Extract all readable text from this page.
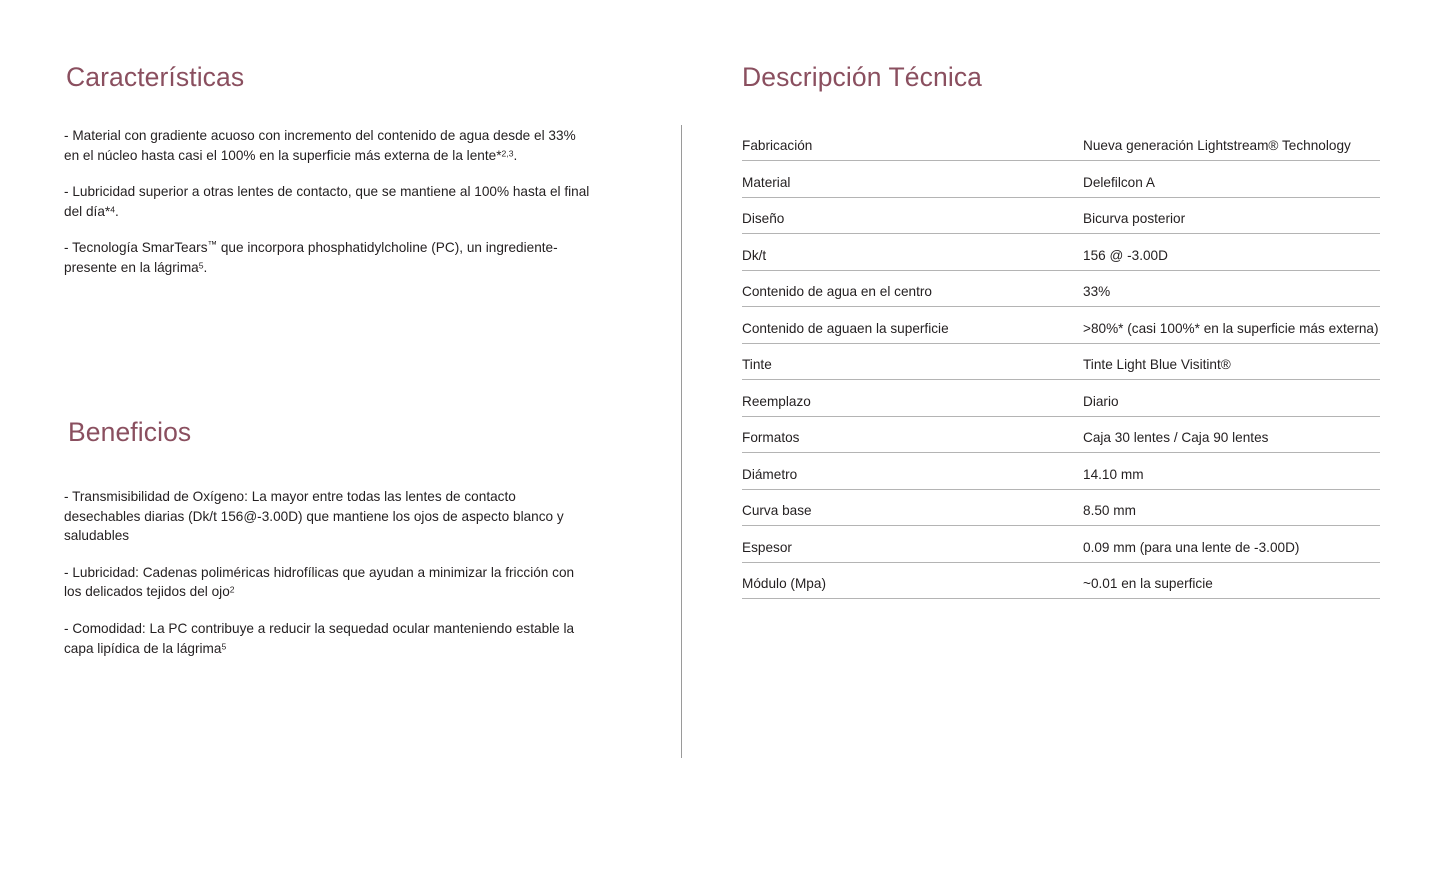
Características

- Material con gradiente acuoso con incremento del contenido de agua desde el 33% en el núcleo hasta casi el 100% en la superficie más externa de la lente*$^{2,3}$.

- Lubricidad superior a otras lentes de contacto, que se mantiene al 100% hasta el final del día*$^4$.

- Tecnología SmarTears™ que incorpora phosphatidylcholine (PC), un ingrediente- presente en la lágrima$^5$.

Beneficios

- Transmisibilidad de Oxígeno: La mayor entre todas las lentes de contacto desechables diarias (Dk/t 156@-3.00D) que mantiene los ojos de aspecto blanco y saludables

- Lubricidad: Cadenas poliméricas hidrofílicas que ayudan a minimizar la fricción con los delicados tejidos del ojo$^2$

- Comodidad: La PC contribuye a reducir la sequedad ocular manteniendo estable la capa lipídica de la lágrima$^5$

Descripción Técnica
Fabricación	Nueva generación Lightstream® Technology
Material	Delefilcon A
Diseño	Bicurva posterior
Dk/t	156 @ -3.00D
Contenido de agua en el centro	33%
Contenido de aguaen la superficie	>80%* (casi 100%* en la superficie más externa)
Tinte	Tinte Light Blue Visitint®
Reemplazo	Diario
Formatos	Caja 30 lentes / Caja 90 lentes
Diámetro	14.10 mm
Curva base	8.50 mm
Espesor	0.09 mm (para una lente de -3.00D)
Módulo (Mpa)	~0.01 en la superficie
